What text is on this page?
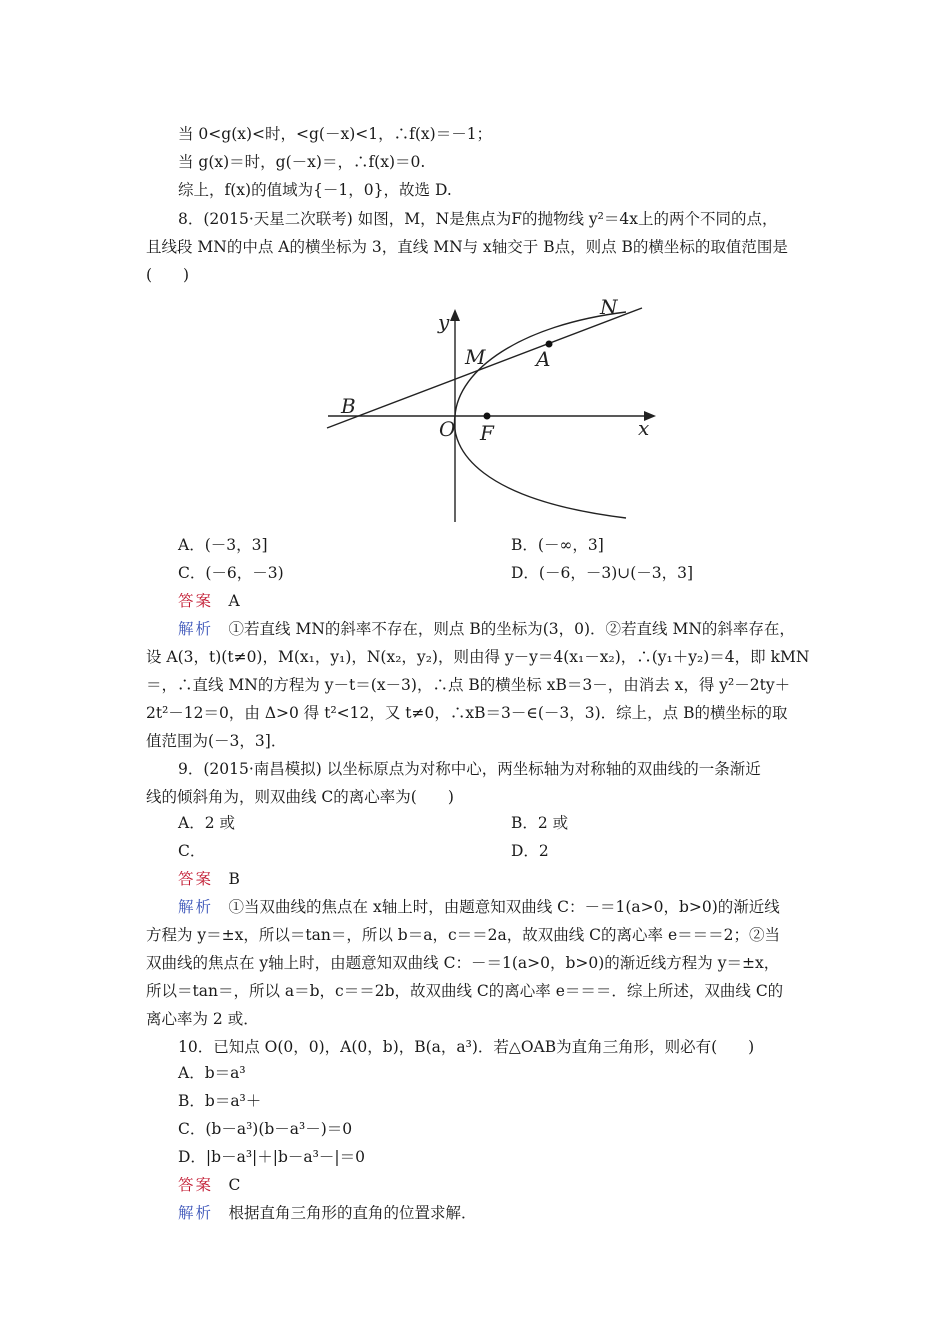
当 0<g(x)<时，<g(－x)<1，∴f(x)＝－1；
当 g(x)＝时，g(－x)＝，∴f(x)＝0.
综上，f(x)的值域为{－1，0}，故选 D.
8．(2015·天星二次联考) 如图，M，N是焦点为F的抛物线 y²＝4x上的两个不同的点，
且线段 MN的中点 A的横坐标为 3，直线 MN与 x轴交于 B点，则点 B的横坐标的取值范围是
(　　)
y
x
O F
M
N
A
B
A．(－3，3]	B．(－∞，3]
C．(－6，－3)	D．(－6，－3)∪(－3，3]
答案　 A
解析　 ①若直线 MN的斜率不存在，则点 B的坐标为(3，0)．②若直线 MN的斜率存在，
设 A(3，t)(t≠0)，M(x₁，y₁)，N(x₂，y₂)，则由得 y－y＝4(x₁－x₂)，∴(y₁＋y₂)＝4，即 kMN
＝，∴直线 MN的方程为 y－t＝(x－3)，∴点 B的横坐标 xB＝3－，由消去 x，得 y²－2ty＋
2t²－12＝0，由 Δ>0 得 t²<12，又 t≠0，∴xB＝3－∈(－3，3)．综上，点 B的横坐标的取
值范围为(－3，3]．
9．(2015·南昌模拟) 以坐标原点为对称中心，两坐标轴为对称轴的双曲线的一条渐近
线的倾斜角为，则双曲线 C的离心率为(　　)
A．2 或	B．2 或
C．	D．2
答案　 B
解析　 ①当双曲线的焦点在 x轴上时，由题意知双曲线 C：－＝1(a>0，b>0)的渐近线
方程为 y＝±x，所以＝tan＝，所以 b＝a，c＝＝2a，故双曲线 C的离心率 e＝＝＝2；②当
双曲线的焦点在 y轴上时，由题意知双曲线 C：－＝1(a>0，b>0)的渐近线方程为 y＝±x，
所以＝tan＝，所以 a＝b，c＝＝2b，故双曲线 C的离心率 e＝＝＝．综上所述，双曲线 C的
离心率为 2 或．
10．已知点 O(0，0)，A(0，b)，B(a，a³)．若△OAB为直角三角形，则必有(　　)
A．b＝a³
B．b＝a³＋
C．(b－a³)(b－a³－)＝0
D．|b－a³|＋|b－a³－|＝0
答案　 C
解析　 根据直角三角形的直角的位置求解．
